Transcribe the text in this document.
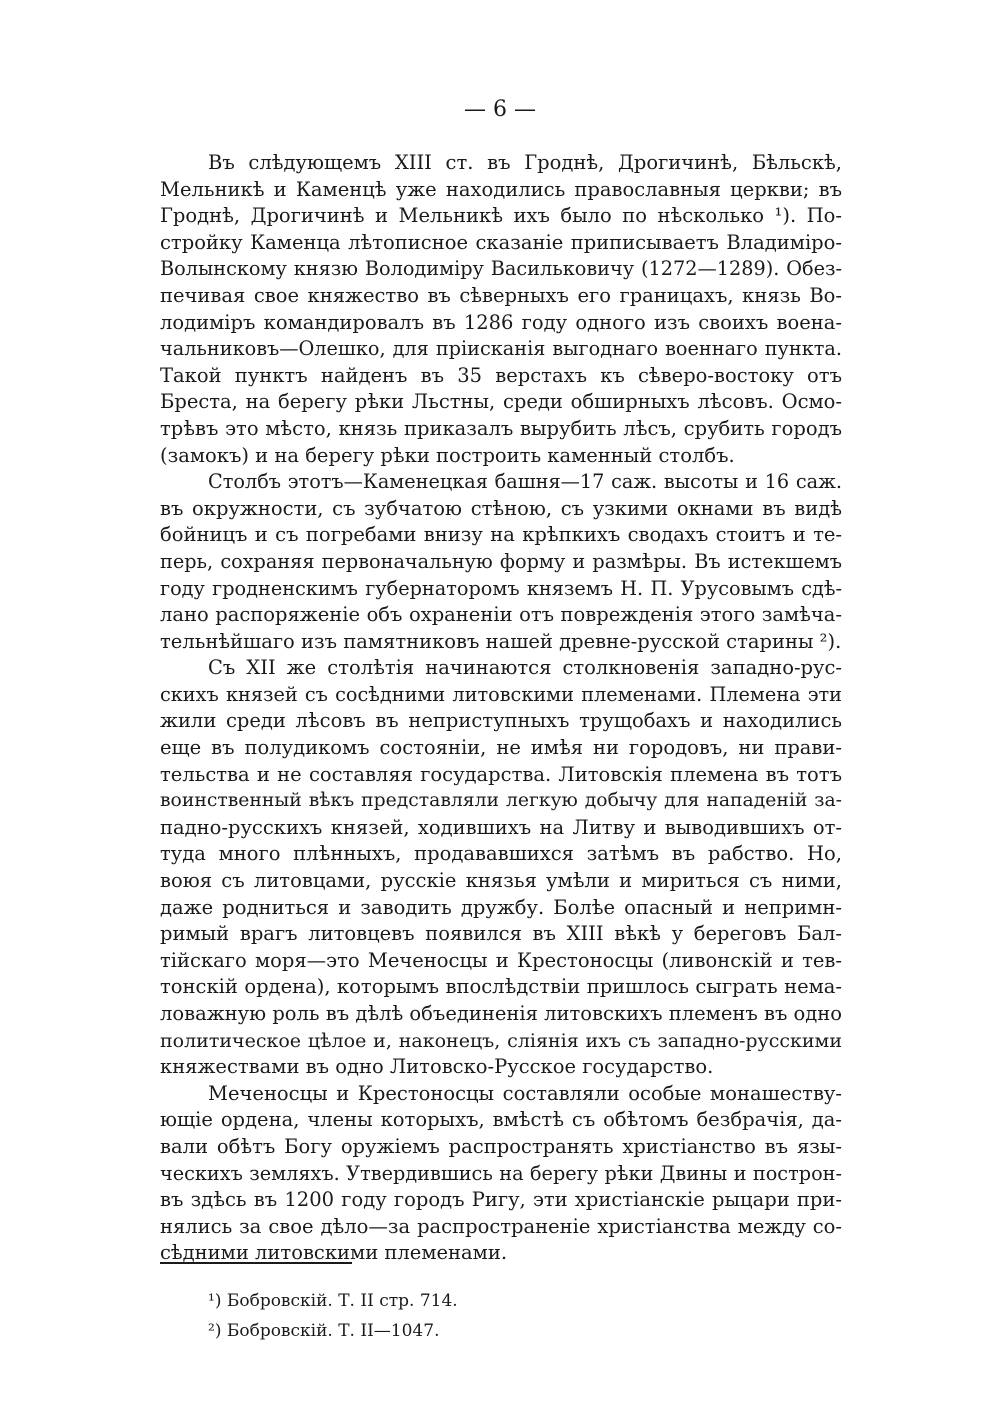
— 6 —
Въ слѣдующемъ XIII ст. въ Гроднѣ, Дрогичинѣ, Бѣльскѣ,
Мельникѣ и Каменцѣ уже находились православныя церкви; въ
Гроднѣ, Дрогичинѣ и Мельникѣ ихъ было по нѣсколько ¹). По-
стройку Каменца лѣтописное сказаніе приписываетъ Владиміро-
Волынскому князю Володиміру Васильковичу (1272—1289). Обез-
печивая свое княжество въ сѣверныхъ его границахъ, князь Во-
лодиміръ командировалъ въ 1286 году одного изъ своихъ военa-
чальниковъ—Олешко, для прiисканія выгоднаго военнаго пункта.
Такой пунктъ найденъ въ 35 верстахъ къ сѣверо-востоку отъ
Бреста, на берегу рѣки Льстны, среди обширныхъ лѣсовъ. Осмо-
трѣвъ это мѣсто, князь приказалъ вырубить лѣсъ, срубить городъ
(замокъ) и на берегу рѣки построить каменный столбъ.
Столбъ этотъ—Каменецкая башня—17 саж. высоты и 16 саж.
въ окружности, съ зубчатою стѣною, съ узкими окнами въ видѣ
бойницъ и съ погребами внизу на крѣпкихъ сводахъ стоитъ и те-
перь, сохраняя первоначальную форму и размѣры. Въ истекшемъ
году гродненскимъ губернаторомъ княземъ Н. П. Урусовымъ сдѣ-
лано распоряженіе объ охраненіи отъ поврежденія этого замѣча-
тельнѣйшаго изъ памятниковъ нашей древне-русской старины ²).
Съ XII же столѣтія начинаются столкновенія западно-рус-
скихъ князей съ сосѣдними литовскими племенами. Племена эти
жили среди лѣсовъ въ неприступныхъ трущобахъ и находились
еще въ полудикомъ состояніи, не имѣя ни городовъ, ни прави-
тельства и не составляя государства. Литовскія племена въ тотъ
воинственный вѣкъ представляли легкую добычу для нападеній за-
падно-русскихъ князей, ходившихъ на Литву и выводившихъ от-
туда много плѣнныхъ, продававшихся затѣмъ въ рабство. Но,
воюя съ литовцами, русскіе князья умѣли и мириться съ ними,
даже родниться и заводить дружбу. Болѣе опасный и непримн-
римый врагъ литовцевъ появился въ XIII вѣкѣ у береговъ Бал-
тійскаго моря—это Меченосцы и Крестоносцы (ливонскій и тев-
тонскій ордена), которымъ впослѣдствіи пришлось сыграть нема-
ловажную роль въ дѣлѣ объединенія литовскихъ племенъ въ одно
политическое цѣлое и, наконецъ, сліянія ихъ съ западно-русскими
княжествами въ одно Литовско-Русское государство.
Меченосцы и Крестоносцы составляли особые монашеству-
ющіе ордена, члены которыхъ, вмѣстѣ съ обѣтомъ безбрачія, да-
вали обѣтъ Богу оружіемъ распространять христіанство въ язы-
ческихъ земляхъ. Утвердившись на берегу рѣки Двины и построн-
въ здѣсь въ 1200 году городъ Ригу, эти христіанскіе рыцари при-
нялись за свое дѣло—за распространеніе христіанства между со-
сѣдними литовскими племенами.
¹) Бобровскій. Т. II стр. 714.
²) Бобровскій. Т. II—1047.
